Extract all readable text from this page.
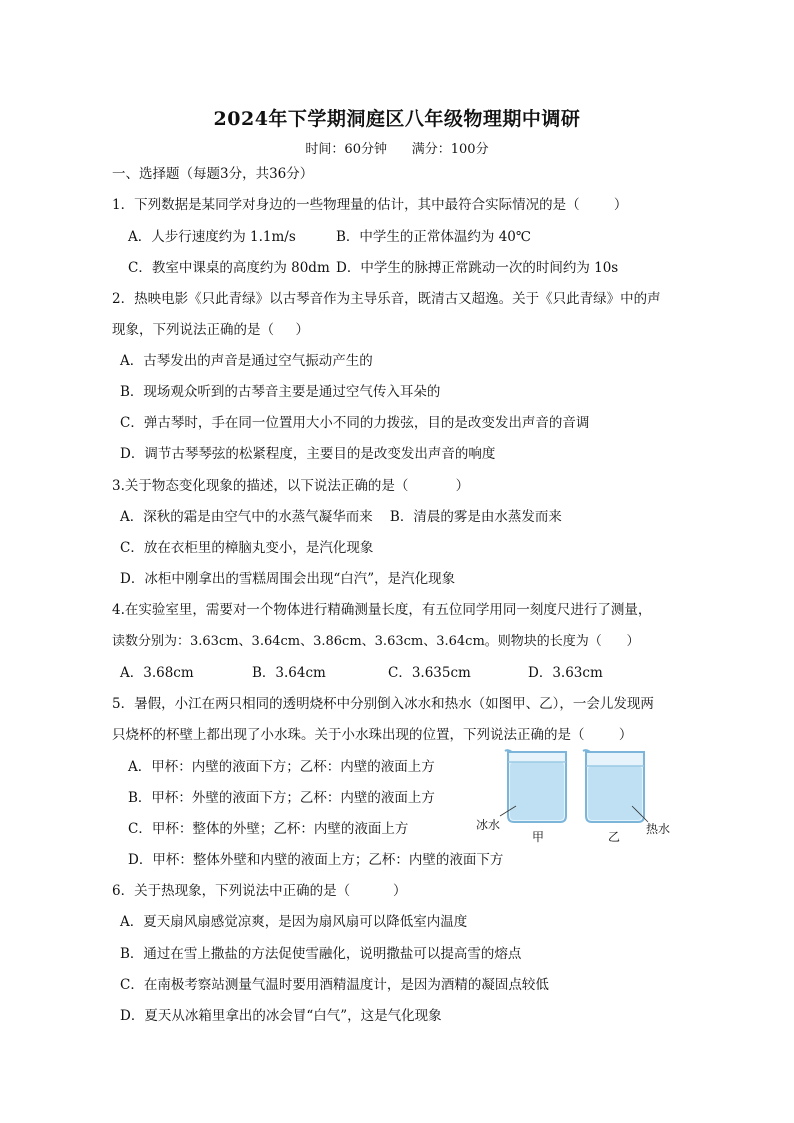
2024年下学期洞庭区八年级物理期中调研
时间：60分钟      满分：100分
一、选择题（每题3分，共36分）
1．下列数据是某同学对身边的一些物理量的估计，其中最符合实际情况的是（        ）
A．人步行速度约为 1.1m/s	B．中学生的正常体温约为 40℃
C．教室中课桌的高度约为 80dm D．中学生的脉搏正常跳动一次的时间约为 10s
2．热映电影《只此青绿》以古琴音作为主导乐音，既清古又超逸。关于《只此青绿》中的声
现象，下列说法正确的是（     ）
A．古琴发出的声音是通过空气振动产生的
B．现场观众听到的古琴音主要是通过空气传入耳朵的
C．弹古琴时，手在同一位置用大小不同的力拨弦，目的是改变发出声音的音调
D．调节古琴琴弦的松紧程度，主要目的是改变发出声音的响度
3.关于物态变化现象的描述，以下说法正确的是（           ）
A．深秋的霜是由空气中的水蒸气凝华而来    B．清晨的雾是由水蒸发而来
C．放在衣柜里的樟脑丸变小，是汽化现象
D．冰柜中刚拿出的雪糕周围会出现“白汽”，是汽化现象
4.在实验室里，需要对一个物体进行精确测量长度，有五位同学用同一刻度尺进行了测量，
读数分别为：3.63cm、3.64cm、3.86cm、3.63cm、3.64cm。则物块的长度为（      ）
A．3.68cm	B．3.64cm	C．3.635cm	D．3.63cm
5．暑假，小江在两只相同的透明烧杯中分别倒入冰水和热水（如图甲、乙），一会儿发现两
只烧杯的杯壁上都出现了小水珠。关于小水珠出现的位置，下列说法正确的是（        ）
A．甲杯：内壁的液面下方；乙杯：内壁的液面上方
B．甲杯：外壁的液面下方；乙杯：内壁的液面上方
C．甲杯：整体的外壁；乙杯：内壁的液面上方
D．甲杯：整体外壁和内壁的液面上方；乙杯：内壁的液面下方
冰水	热水
甲	乙
6．关于热现象，下列说法中正确的是（          ）
A．夏天扇风扇感觉凉爽，是因为扇风扇可以降低室内温度
B．通过在雪上撒盐的方法促使雪融化，说明撒盐可以提高雪的熔点
C．在南极考察站测量气温时要用酒精温度计，是因为酒精的凝固点较低
D．夏天从冰箱里拿出的冰会冒“白气”，这是气化现象
